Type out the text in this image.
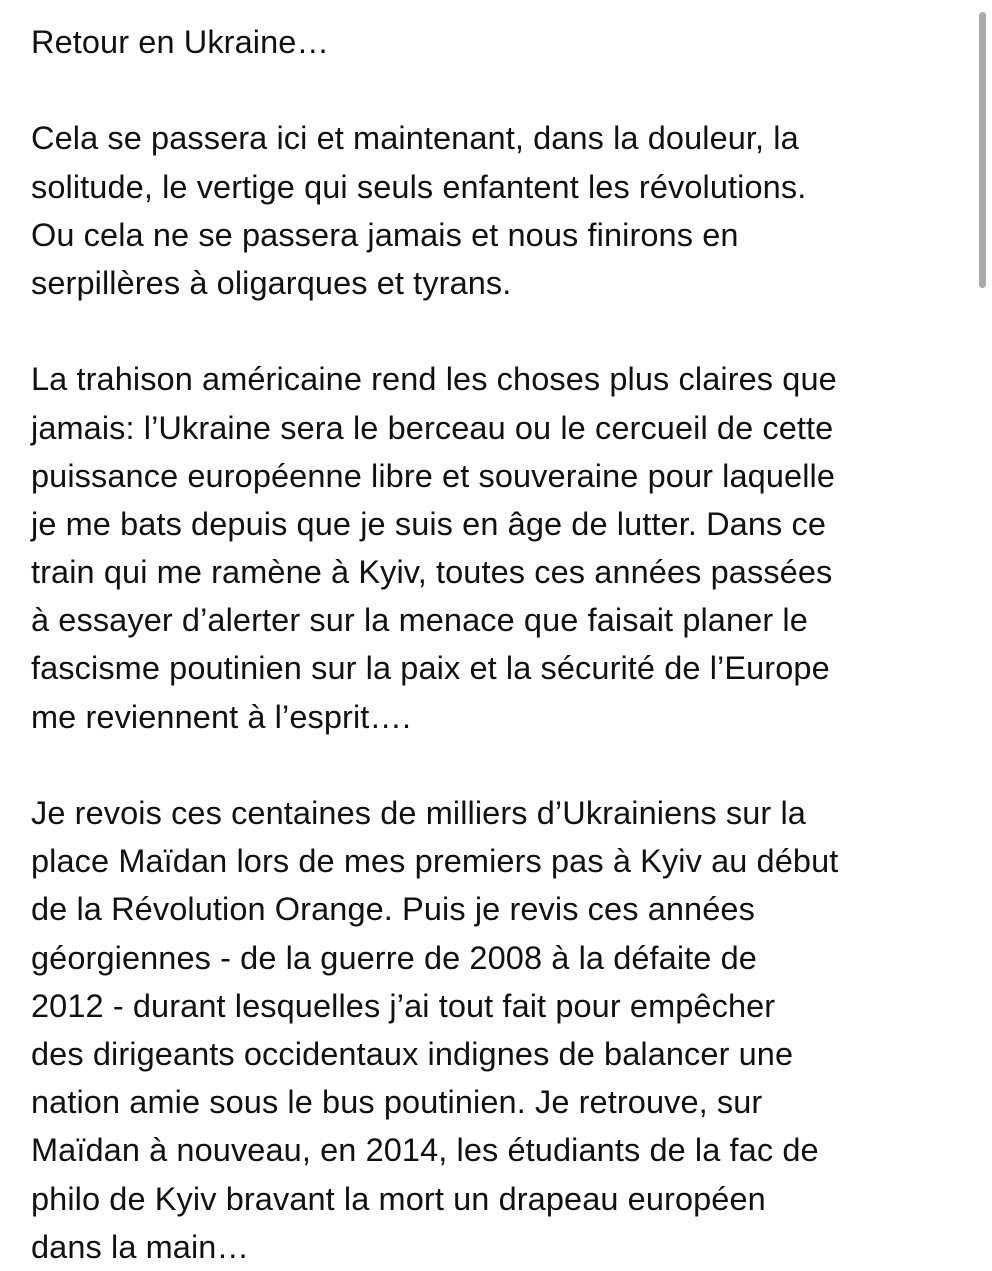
Retour en Ukraine…
Cela se passera ici et maintenant, dans la douleur, la
solitude, le vertige qui seuls enfantent les révolutions.
Ou cela ne se passera jamais et nous finirons en
serpillères à oligarques et tyrans.
La trahison américaine rend les choses plus claires que
jamais: l’Ukraine sera le berceau ou le cercueil de cette
puissance européenne libre et souveraine pour laquelle
je me bats depuis que je suis en âge de lutter. Dans ce
train qui me ramène à Kyiv, toutes ces années passées
à essayer d’alerter sur la menace que faisait planer le
fascisme poutinien sur la paix et la sécurité de l’Europe
me reviennent à l’esprit….
Je revois ces centaines de milliers d’Ukrainiens sur la
place Maïdan lors de mes premiers pas à Kyiv au début
de la Révolution Orange. Puis je revis ces années
géorgiennes - de la guerre de 2008 à la défaite de
2012 - durant lesquelles j’ai tout fait pour empêcher
des dirigeants occidentaux indignes de balancer une
nation amie sous le bus poutinien. Je retrouve, sur
Maïdan à nouveau, en 2014, les étudiants de la fac de
philo de Kyiv bravant la mort un drapeau européen
dans la main…
